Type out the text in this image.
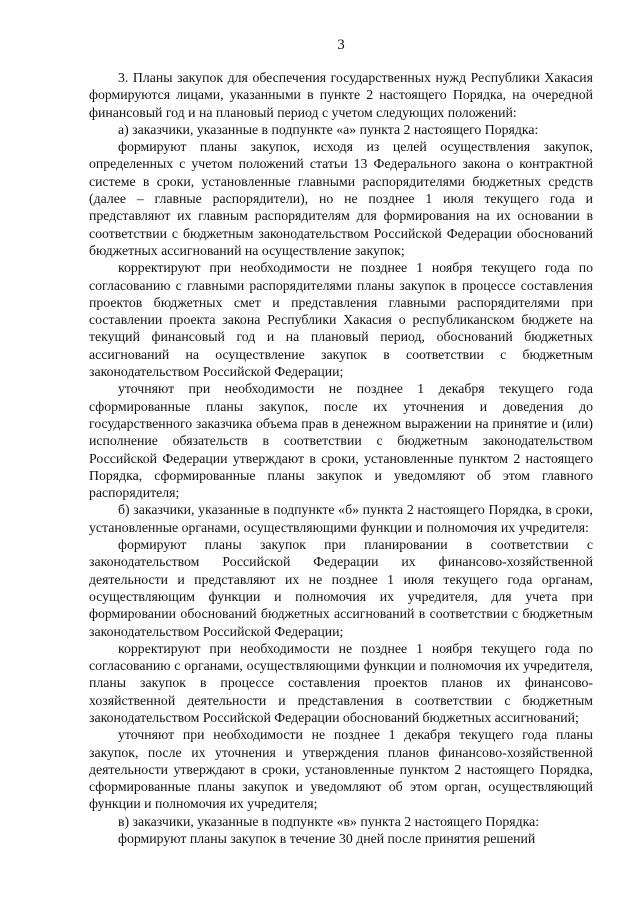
3

3. Планы закупок для обеспечения государственных нужд Республики Хакасия формируются лицами, указанными в пункте 2 настоящего Порядка, на очередной финансовый год и на плановый период с учетом следующих положений:

а) заказчики, указанные в подпункте «а» пункта 2 настоящего Порядка:

формируют планы закупок, исходя из целей осуществления закупок, определенных с учетом положений статьи 13 Федерального закона о контрактной системе в сроки, установленные главными распорядителями бюджетных средств (далее – главные распорядители), но не позднее 1 июля текущего года и представляют их главным распорядителям для формирования на их основании в соответствии с бюджетным законодательством Российской Федерации обоснований бюджетных ассигнований на осуществление закупок;

корректируют при необходимости не позднее 1 ноября текущего года по согласованию с главными распорядителями планы закупок в процессе составления проектов бюджетных смет и представления главными распорядителями при составлении проекта закона Республики Хакасия о республиканском бюджете на текущий финансовый год и на плановый период, обоснований бюджетных ассигнований на осуществление закупок в соответствии с бюджетным законодательством Российской Федерации;

уточняют при необходимости не позднее 1 декабря текущего года сформированные планы закупок, после их уточнения и доведения до государственного заказчика объема прав в денежном выражении на принятие и (или) исполнение обязательств в соответствии с бюджетным законодательством Российской Федерации утверждают в сроки, установленные пунктом 2 настоящего Порядка, сформированные планы закупок и уведомляют об этом главного распорядителя;

б) заказчики, указанные в подпункте «б» пункта 2 настоящего Порядка, в сроки, установленные органами, осуществляющими функции и полномочия их учредителя:

формируют планы закупок при планировании в соответствии с законодательством Российской Федерации их финансово-хозяйственной деятельности и представляют их не позднее 1 июля текущего года органам, осуществляющим функции и полномочия их учредителя, для учета при формировании обоснований бюджетных ассигнований в соответствии с бюджетным законодательством Российской Федерации;

корректируют при необходимости не позднее 1 ноября текущего года по согласованию с органами, осуществляющими функции и полномочия их учредителя, планы закупок в процессе составления проектов планов их финансово-хозяйственной деятельности и представления в соответствии с бюджетным законодательством Российской Федерации обоснований бюджетных ассигнований;

уточняют при необходимости не позднее 1 декабря текущего года планы закупок, после их уточнения и утверждения планов финансово-хозяйственной деятельности утверждают в сроки, установленные пунктом 2 настоящего Порядка, сформированные планы закупок и уведомляют об этом орган, осуществляющий функции и полномочия их учредителя;

в) заказчики, указанные в подпункте «в» пункта 2 настоящего Порядка:

формируют планы закупок в течение 30 дней после принятия решений
